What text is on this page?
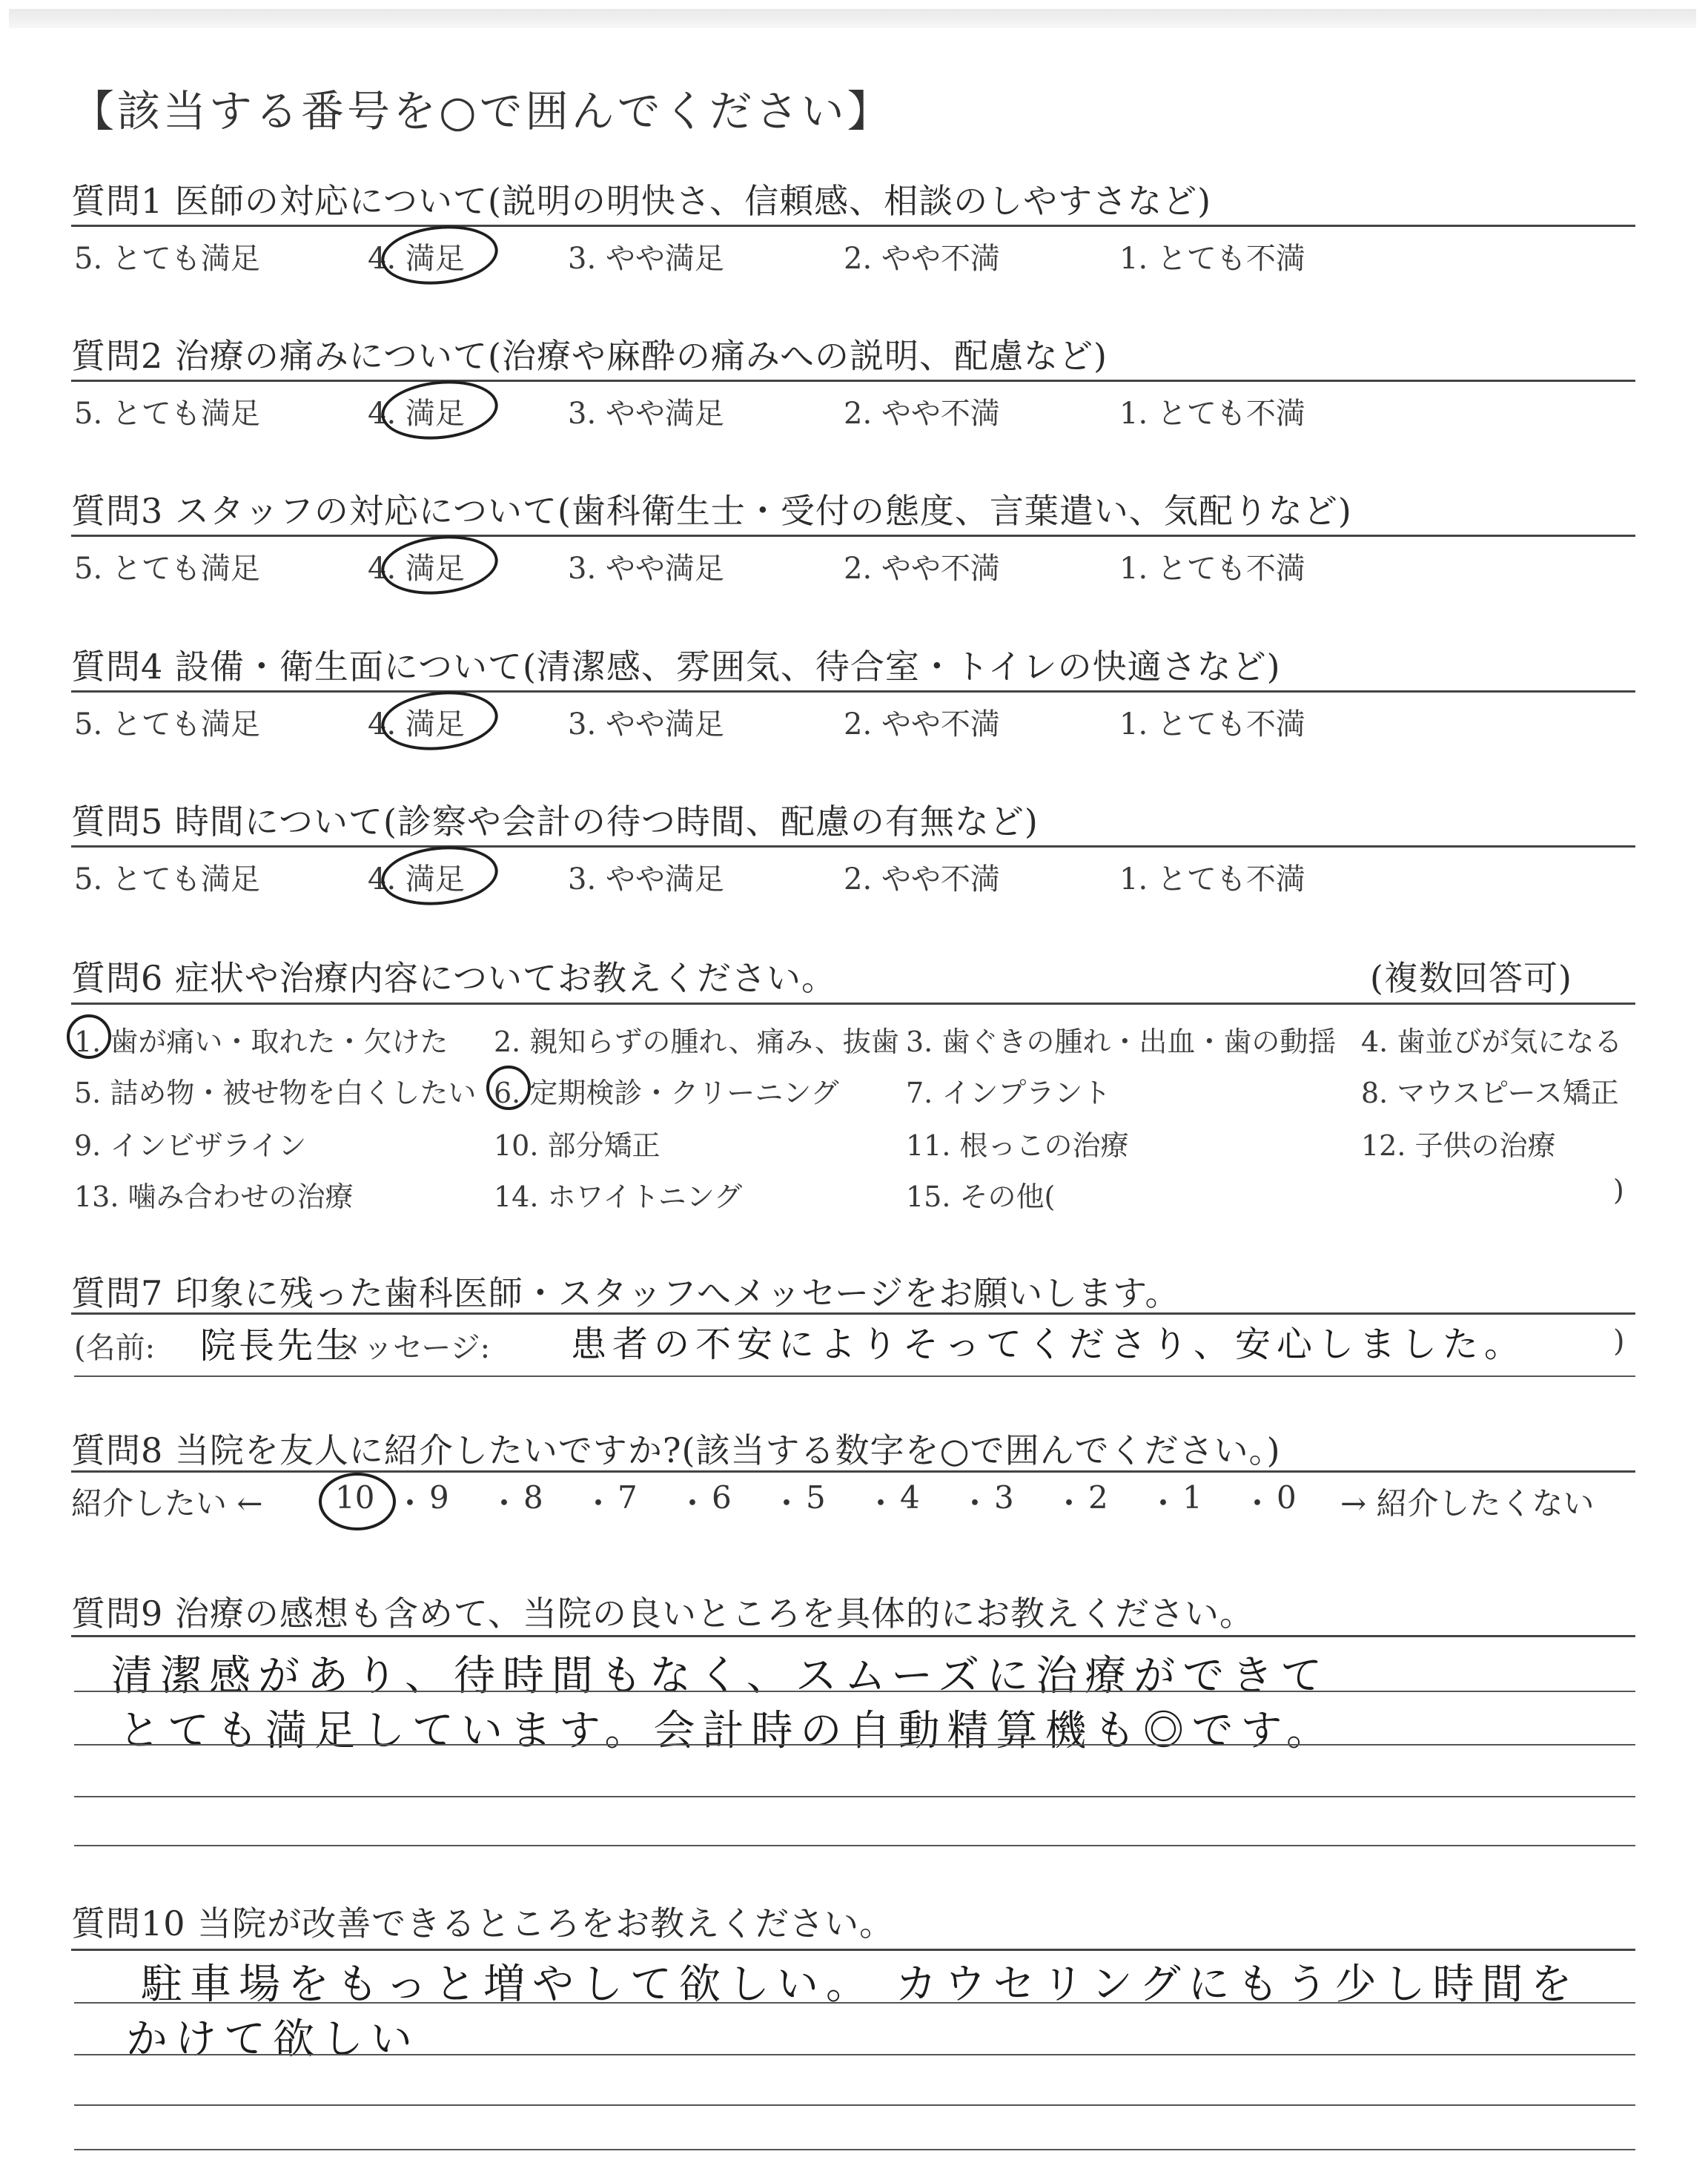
【該当する番号を○で囲んでください】
質問1 医師の対応について(説明の明快さ、信頼感、相談のしやすさなど)
5. とても満足	4. 満足	3. やや満足	2. やや不満	1. とても不満
質問2 治療の痛みについて(治療や麻酔の痛みへの説明、配慮など)
5. とても満足	4. 満足	3. やや満足	2. やや不満	1. とても不満
質問3 スタッフの対応について(歯科衛生士・受付の態度、言葉遣い、気配りなど)
5. とても満足	4. 満足	3. やや満足	2. やや不満	1. とても不満
質問4 設備・衛生面について(清潔感、雰囲気、待合室・トイレの快適さなど)
5. とても満足	4. 満足	3. やや満足	2. やや不満	1. とても不満
質問5 時間について(診察や会計の待つ時間、配慮の有無など)
5. とても満足	4. 満足	3. やや満足	2. やや不満	1. とても不満
質問6 症状や治療内容についてお教えください。	(複数回答可)
1. 歯が痛い・取れた・欠けた 2. 親知らずの腫れ、痛み、抜歯 3. 歯ぐきの腫れ・出血・歯の動揺 4. 歯並びが気になる
5. 詰め物・被せ物を白くしたい 6. 定期検診・クリーニング 7. インプラント	8. マウスピース矯正
9. インビザライン	10. 部分矯正	11. 根っこの治療	12. 子供の治療
13. 噛み合わせの治療	14. ホワイトニング	15. その他(	)
質問7 印象に残った歯科医師・スタッフへメッセージをお願いします。
(名前: 院長先生
メッセージ: 患者の不安によりそってくださり、安心しました。	)
質問8 当院を友人に紹介したいですか?(該当する数字を○で囲んでください。)
紹介したい ← 10 ・ 9 ・ 8 ・ 7 ・ 6 ・ 5 ・ 4 ・ 3 ・ 2 ・ 1 ・ 0 → 紹介したくない
質問9 治療の感想も含めて、当院の良いところを具体的にお教えください。
清潔感があり、待時間もなく、スムーズに治療ができて
とても満足しています。会計時の自動精算機も◎です。
質問10 当院が改善できるところをお教えください。
駐車場をもっと増やして欲しい。 カウセリングにもう少し時間を
かけて欲しい
